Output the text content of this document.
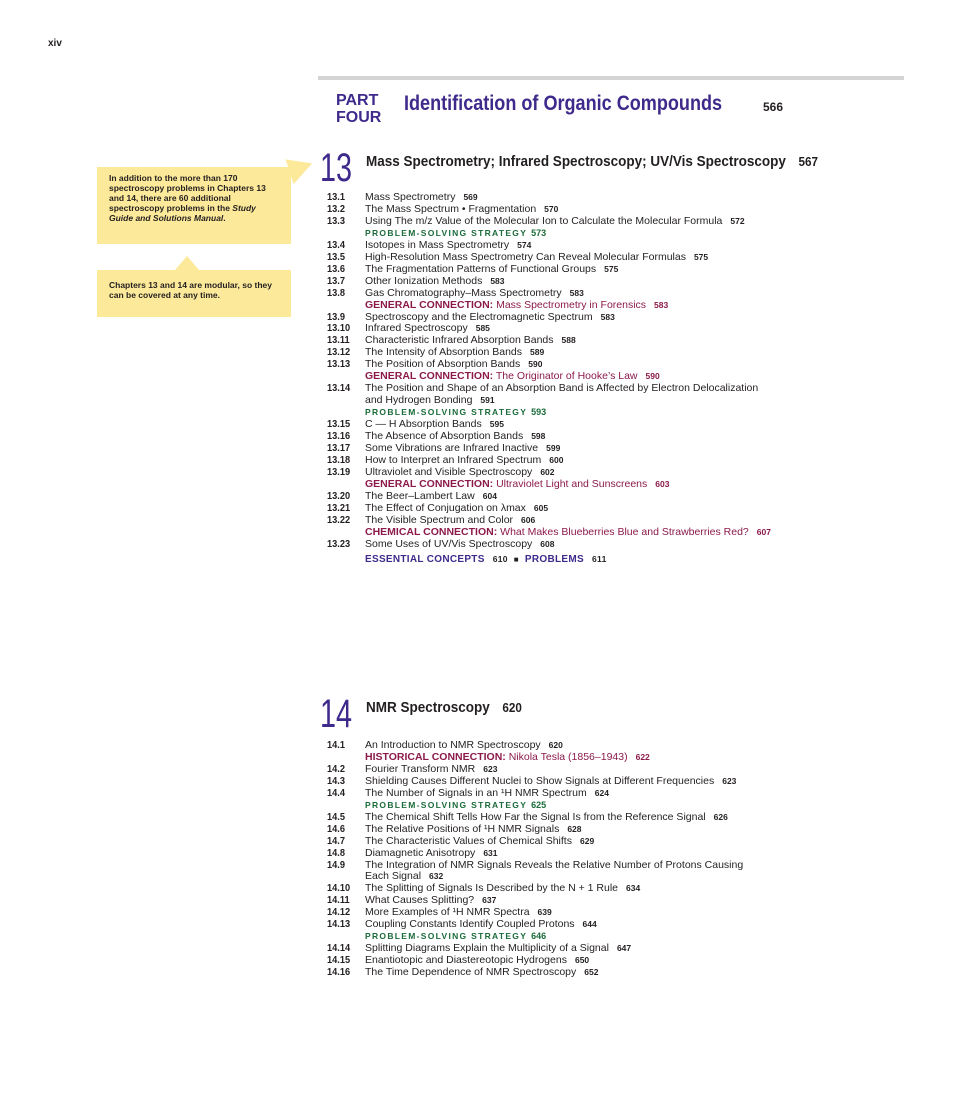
xiv
PART
FOUR
Identification of Organic Compounds	566
In addition to the more than 170 spectroscopy problems in Chapters 13 and 14, there are 60 additional spectroscopy problems in the Study Guide and Solutions Manual.
Chapters 13 and 14 are modular, so they can be covered at any time.
13 Mass Spectrometry; Infrared Spectroscopy; UV/Vis Spectroscopy 567
13.1	Mass Spectrometry 569
13.2	The Mass Spectrum • Fragmentation 570
13.3	Using The m/z Value of the Molecular Ion to Calculate the Molecular Formula 572
PROBLEM-SOLVING STRATEGY 573
13.4	Isotopes in Mass Spectrometry 574
13.5	High-Resolution Mass Spectrometry Can Reveal Molecular Formulas 575
13.6	The Fragmentation Patterns of Functional Groups 575
13.7	Other Ionization Methods 583
13.8	Gas Chromatography–Mass Spectrometry 583
GENERAL CONNECTION: Mass Spectrometry in Forensics 583
13.9	Spectroscopy and the Electromagnetic Spectrum 583
13.10	Infrared Spectroscopy 585
13.11	Characteristic Infrared Absorption Bands 588
13.12	The Intensity of Absorption Bands 589
13.13	The Position of Absorption Bands 590
GENERAL CONNECTION: The Originator of Hooke’s Law 590
13.14	The Position and Shape of an Absorption Band is Affected by Electron Delocalization
and Hydrogen Bonding 591
PROBLEM-SOLVING STRATEGY 593
13.15	C — H Absorption Bands 595
13.16	The Absence of Absorption Bands 598
13.17	Some Vibrations are Infrared Inactive 599
13.18	How to Interpret an Infrared Spectrum 600
13.19	Ultraviolet and Visible Spectroscopy 602
GENERAL CONNECTION: Ultraviolet Light and Sunscreens 603
13.20	The Beer–Lambert Law 604
13.21	The Effect of Conjugation on λmax 605
13.22	The Visible Spectrum and Color 606
CHEMICAL CONNECTION: What Makes Blueberries Blue and Strawberries Red? 607
13.23	Some Uses of UV/Vis Spectroscopy 608
ESSENTIAL CONCEPTS 610 ■ PROBLEMS 611
14 NMR Spectroscopy 620
14.1	An Introduction to NMR Spectroscopy 620
HISTORICAL CONNECTION: Nikola Tesla (1856–1943) 622
14.2	Fourier Transform NMR 623
14.3	Shielding Causes Different Nuclei to Show Signals at Different Frequencies 623
14.4	The Number of Signals in an ¹H NMR Spectrum 624
PROBLEM-SOLVING STRATEGY 625
14.5	The Chemical Shift Tells How Far the Signal Is from the Reference Signal 626
14.6	The Relative Positions of ¹H NMR Signals 628
14.7	The Characteristic Values of Chemical Shifts 629
14.8	Diamagnetic Anisotropy 631
14.9	The Integration of NMR Signals Reveals the Relative Number of Protons Causing
Each Signal 632
14.10	The Splitting of Signals Is Described by the N + 1 Rule 634
14.11	What Causes Splitting? 637
14.12	More Examples of ¹H NMR Spectra 639
14.13	Coupling Constants Identify Coupled Protons 644
PROBLEM-SOLVING STRATEGY 646
14.14	Splitting Diagrams Explain the Multiplicity of a Signal 647
14.15	Enantiotopic and Diastereotopic Hydrogens 650
14.16	The Time Dependence of NMR Spectroscopy 652
